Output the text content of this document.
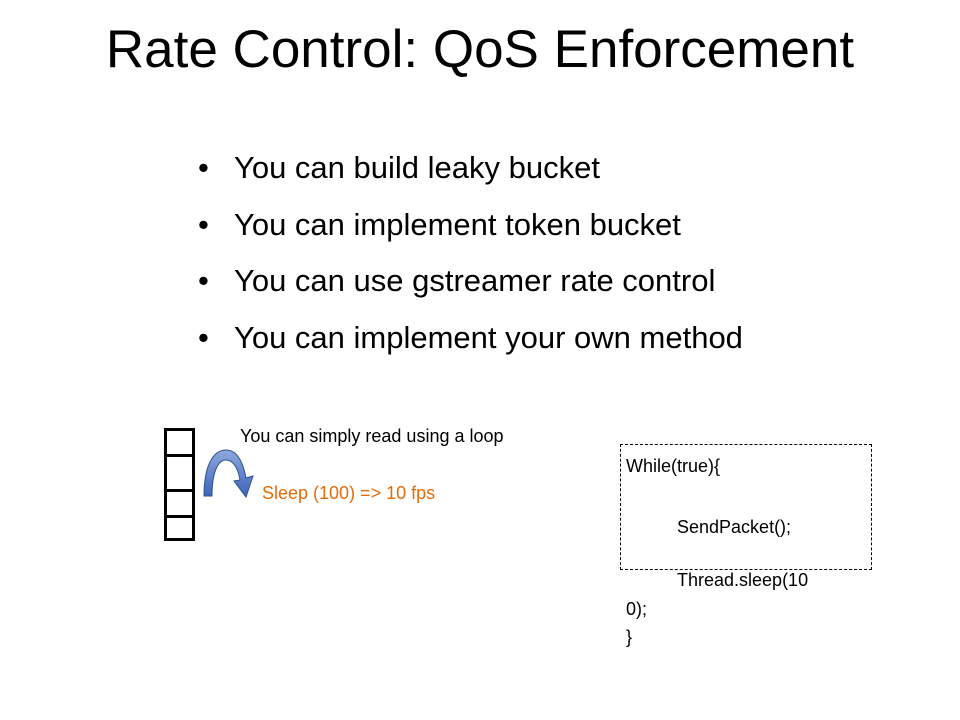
Rate Control: QoS Enforcement
• You can build leaky bucket
• You can implement token bucket
• You can use gstreamer rate control
• You can implement your own method
You can simply read using a loop
Sleep (100) => 10 fps
While(true){
SendPacket();
Thread.sleep(10
0);
}
